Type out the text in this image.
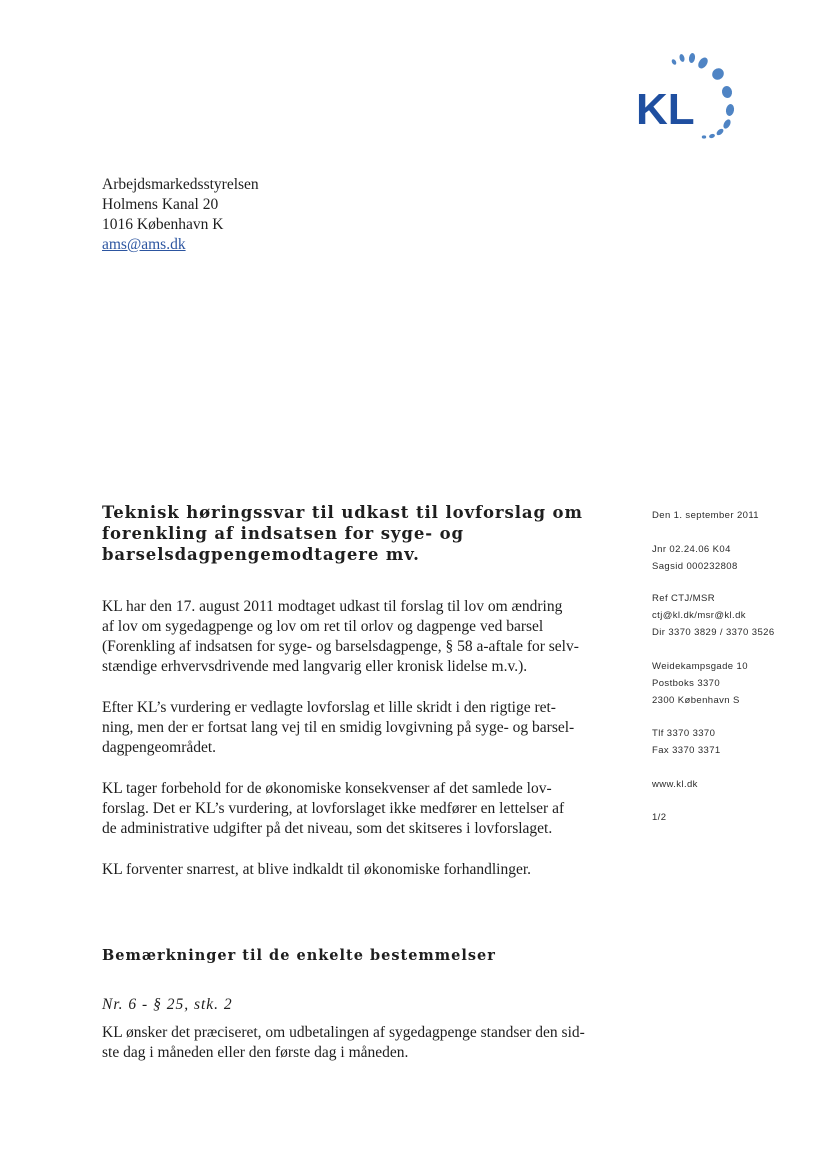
KL
Arbejdsmarkedsstyrelsen
Holmens Kanal 20
1016 København K
ams@ams.dk
Teknisk høringssvar til udkast til lovforslag om forenkling af indsatsen for syge- og barselsdagpengemodtagere mv.

KL har den 17. august 2011 modtaget udkast til forslag til lov om ændring
af lov om sygedagpenge og lov om ret til orlov og dagpenge ved barsel
(Forenkling af indsatsen for syge- og barselsdagpenge, § 58 a-aftale for selv-
stændige erhvervsdrivende med langvarig eller kronisk lidelse m.v.).

Efter KL’s vurdering er vedlagte lovforslag et lille skridt i den rigtige ret-
ning, men der er fortsat lang vej til en smidig lovgivning på syge- og barsel-
dagpengeområdet.

KL tager forbehold for de økonomiske konsekvenser af det samlede lov-
forslag. Det er KL’s vurdering, at lovforslaget ikke medfører en lettelser af
de administrative udgifter på det niveau, som det skitseres i lovforslaget.

KL forventer snarrest, at blive indkaldt til økonomiske forhandlinger.

Bemærkninger til de enkelte bestemmelser
Nr. 6 - § 25, stk. 2
KL ønsker det præciseret, om udbetalingen af sygedagpenge standser den sid-
ste dag i måneden eller den første dag i måneden.
Den 1. september 2011
Jnr 02.24.06 K04
Sagsid 000232808
Ref CTJ/MSR
ctj@kl.dk/msr@kl.dk
Dir 3370 3829 / 3370 3526
Weidekampsgade 10
Postboks 3370
2300 København S
Tlf 3370 3370
Fax 3370 3371
www.kl.dk
1/2
